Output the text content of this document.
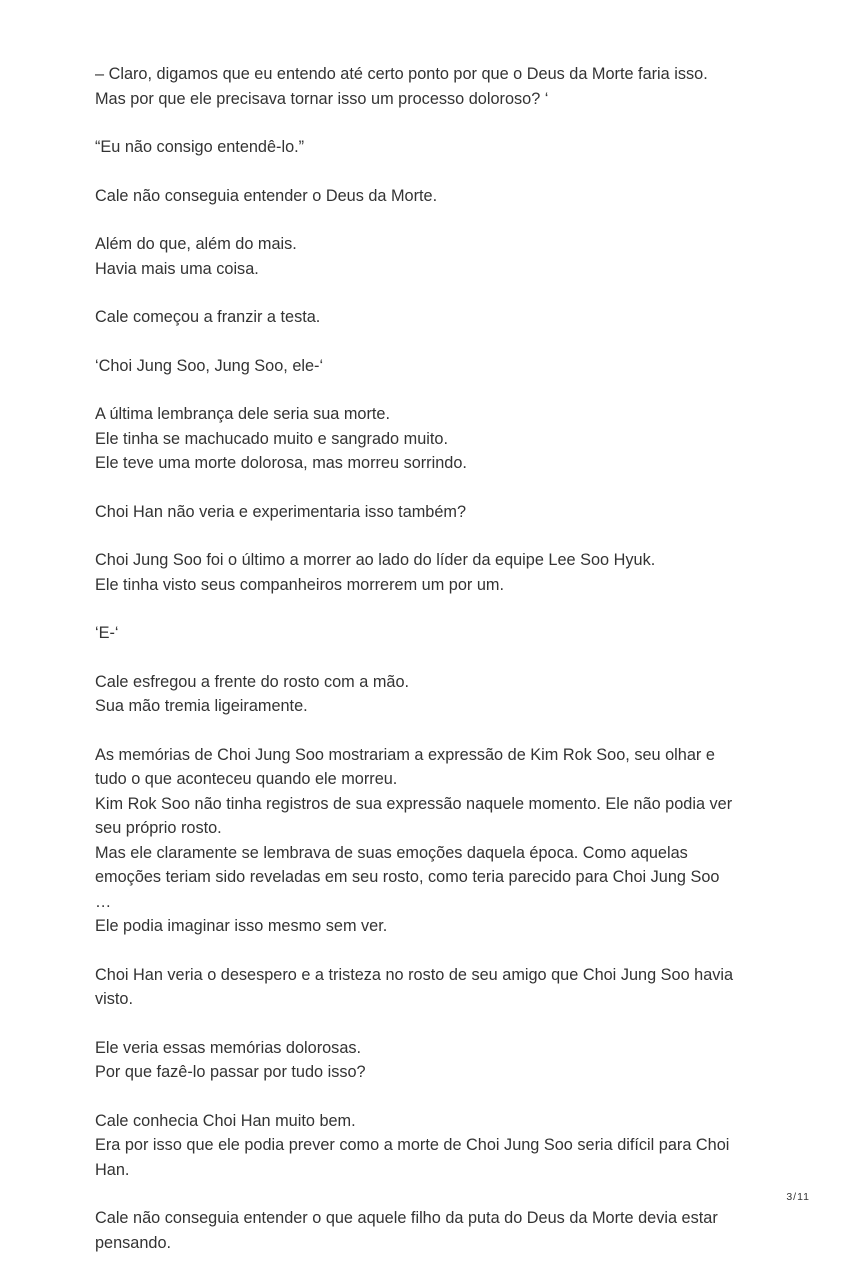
– Claro, digamos que eu entendo até certo ponto por que o Deus da Morte faria isso.
Mas por que ele precisava tornar isso um processo doloroso? ‘

“Eu não consigo entendê-lo.”

Cale não conseguia entender o Deus da Morte.

Além do que, além do mais.
Havia mais uma coisa.

Cale começou a franzir a testa.

‘Choi Jung Soo, Jung Soo, ele-‘

A última lembrança dele seria sua morte.
Ele tinha se machucado muito e sangrado muito.
Ele teve uma morte dolorosa, mas morreu sorrindo.

Choi Han não veria e experimentaria isso também?

Choi Jung Soo foi o último a morrer ao lado do líder da equipe Lee Soo Hyuk.
Ele tinha visto seus companheiros morrerem um por um.

‘E-‘

Cale esfregou a frente do rosto com a mão.
Sua mão tremia ligeiramente.

As memórias de Choi Jung Soo mostrariam a expressão de Kim Rok Soo, seu olhar e
tudo o que aconteceu quando ele morreu.
Kim Rok Soo não tinha registros de sua expressão naquele momento. Ele não podia ver
seu próprio rosto.
Mas ele claramente se lembrava de suas emoções daquela época. Como aquelas
emoções teriam sido reveladas em seu rosto, como teria parecido para Choi Jung Soo
…
Ele podia imaginar isso mesmo sem ver.

Choi Han veria o desespero e a tristeza no rosto de seu amigo que Choi Jung Soo havia
visto.

Ele veria essas memórias dolorosas.
Por que fazê-lo passar por tudo isso?

Cale conhecia Choi Han muito bem.
Era por isso que ele podia prever como a morte de Choi Jung Soo seria difícil para Choi
Han.

Cale não conseguia entender o que aquele filho da puta do Deus da Morte devia estar
pensando.

3/11
